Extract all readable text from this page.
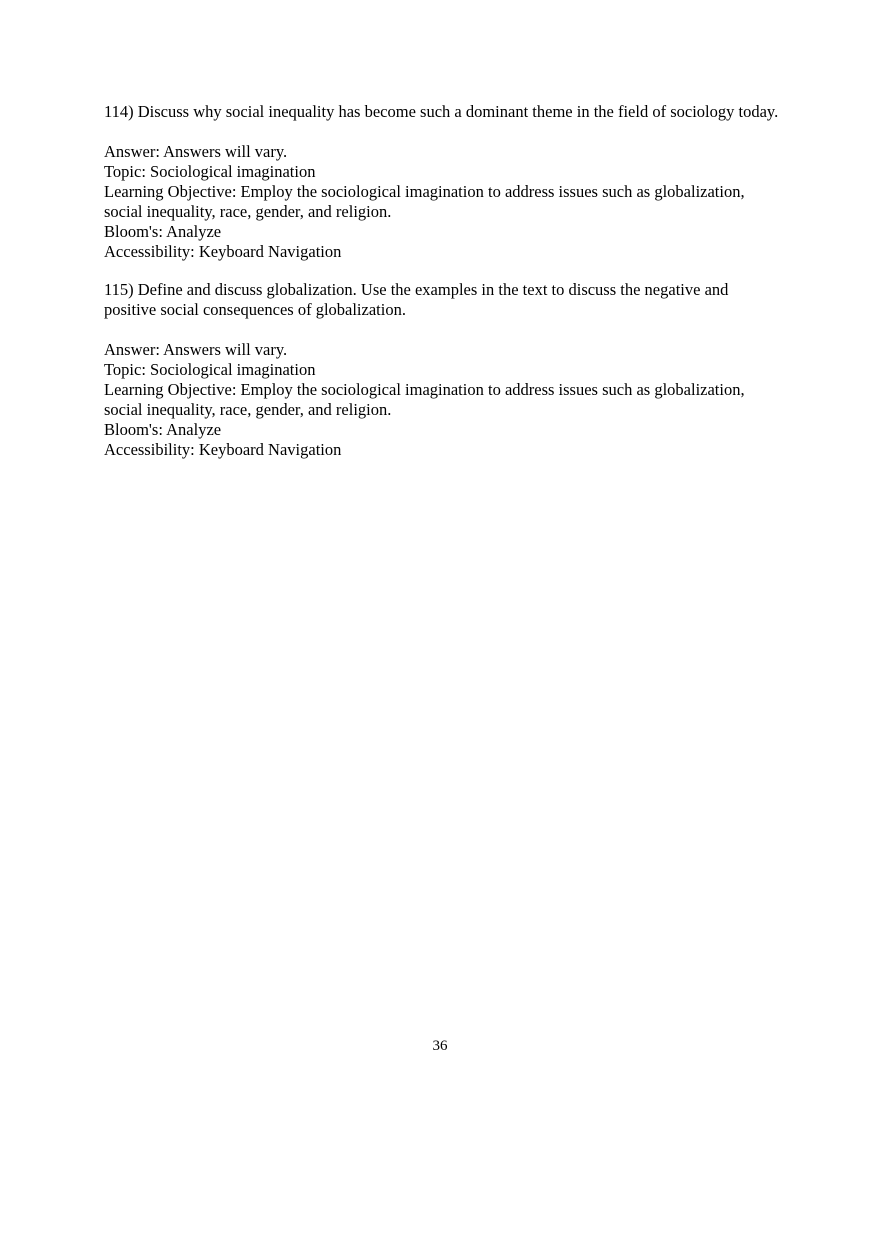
114) Discuss why social inequality has become such a dominant theme in the field of sociology today.

Answer: Answers will vary.

Topic: Sociological imagination

Learning Objective: Employ the sociological imagination to address issues such as globalization, social inequality, race, gender, and religion.

Bloom's: Analyze

Accessibility: Keyboard Navigation

115) Define and discuss globalization. Use the examples in the text to discuss the negative and positive social consequences of globalization.

Answer: Answers will vary.

Topic: Sociological imagination

Learning Objective: Employ the sociological imagination to address issues such as globalization, social inequality, race, gender, and religion.

Bloom's: Analyze

Accessibility: Keyboard Navigation

36
